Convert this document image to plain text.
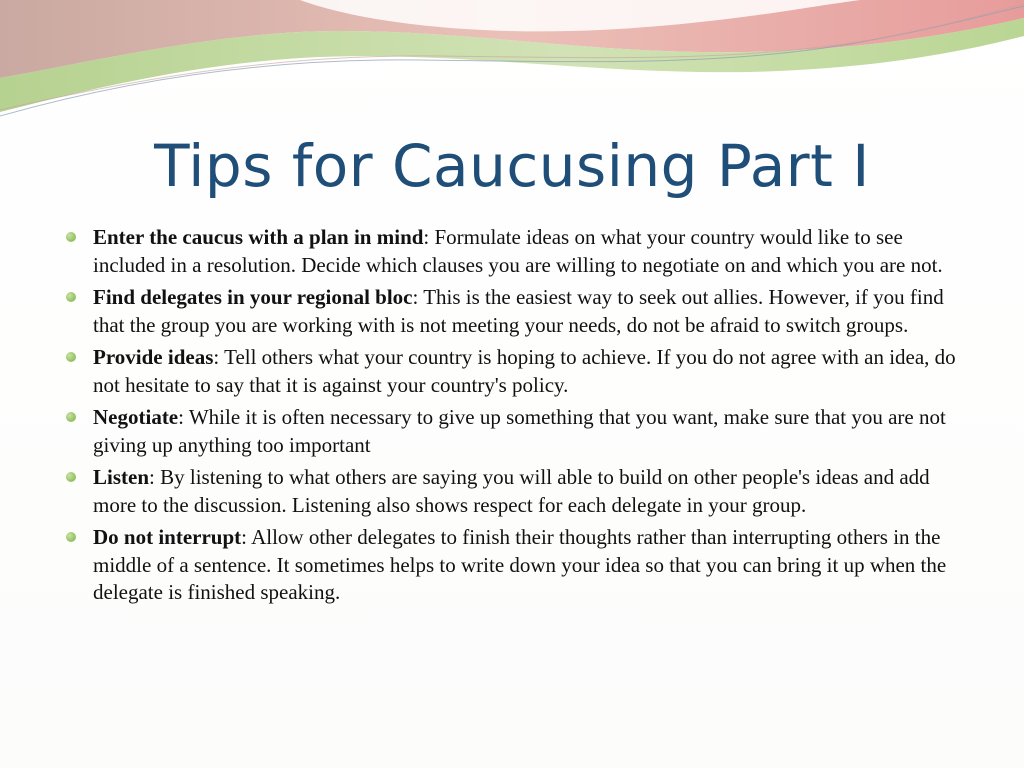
Tips for Caucusing Part I
Enter the caucus with a plan in mind: Formulate ideas on what your country would like to see included in a resolution. Decide which clauses you are willing to negotiate on and which you are not.
Find delegates in your regional bloc: This is the easiest way to seek out allies. However, if you find that the group you are working with is not meeting your needs, do not be afraid to switch groups.
Provide ideas: Tell others what your country is hoping to achieve. If you do not agree with an idea, do not hesitate to say that it is against your country's policy.
Negotiate: While it is often necessary to give up something that you want, make sure that you are not giving up anything too important
Listen: By listening to what others are saying you will able to build on other people's ideas and add more to the discussion. Listening also shows respect for each delegate in your group.
Do not interrupt: Allow other delegates to finish their thoughts rather than interrupting others in the middle of a sentence. It sometimes helps to write down your idea so that you can bring it up when the delegate is finished speaking.
